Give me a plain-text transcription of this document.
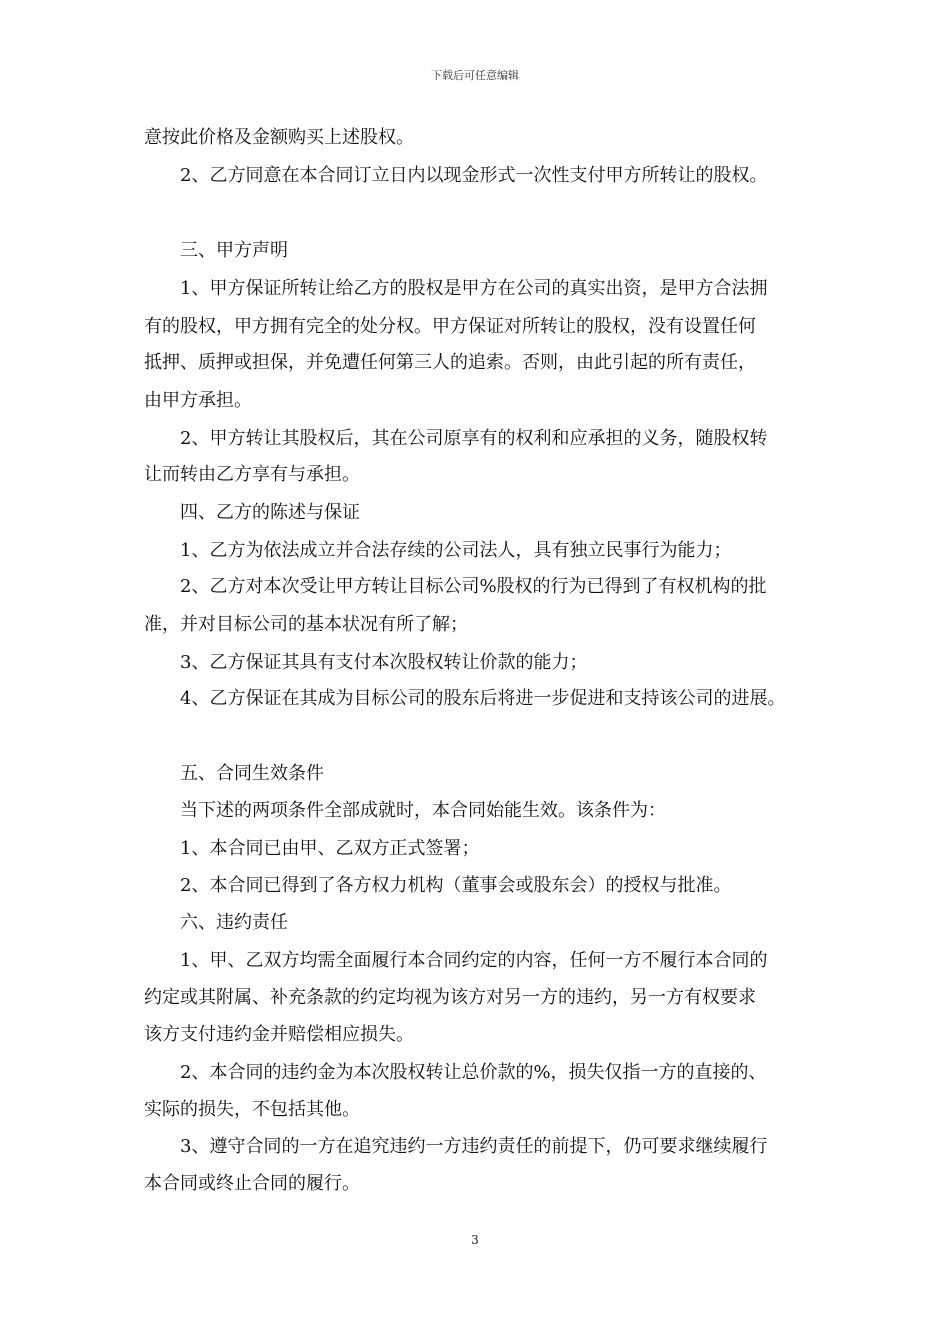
下载后可任意编辑
意按此价格及金额购买上述股权。
2、乙方同意在本合同订立日内以现金形式一次性支付甲方所转让的股权。
三、甲方声明
1、甲方保证所转让给乙方的股权是甲方在公司的真实出资，是甲方合法拥
有的股权，甲方拥有完全的处分权。甲方保证对所转让的股权，没有设置任何
抵押、质押或担保，并免遭任何第三人的追索。否则，由此引起的所有责任，
由甲方承担。
2、甲方转让其股权后，其在公司原享有的权利和应承担的义务，随股权转
让而转由乙方享有与承担。
四、乙方的陈述与保证
1、乙方为依法成立并合法存续的公司法人，具有独立民事行为能力；
2、乙方对本次受让甲方转让目标公司%股权的行为已得到了有权机构的批
准，并对目标公司的基本状况有所了解；
3、乙方保证其具有支付本次股权转让价款的能力；
4、乙方保证在其成为目标公司的股东后将进一步促进和支持该公司的进展。
五、合同生效条件
当下述的两项条件全部成就时，本合同始能生效。该条件为：
1、本合同已由甲、乙双方正式签署；
2、本合同已得到了各方权力机构（董事会或股东会）的授权与批准。
六、违约责任
1、甲、乙双方均需全面履行本合同约定的内容，任何一方不履行本合同的
约定或其附属、补充条款的约定均视为该方对另一方的违约，另一方有权要求
该方支付违约金并赔偿相应损失。
2、本合同的违约金为本次股权转让总价款的%，损失仅指一方的直接的、
实际的损失，不包括其他。
3、遵守合同的一方在追究违约一方违约责任的前提下，仍可要求继续履行
本合同或终止合同的履行。
3
